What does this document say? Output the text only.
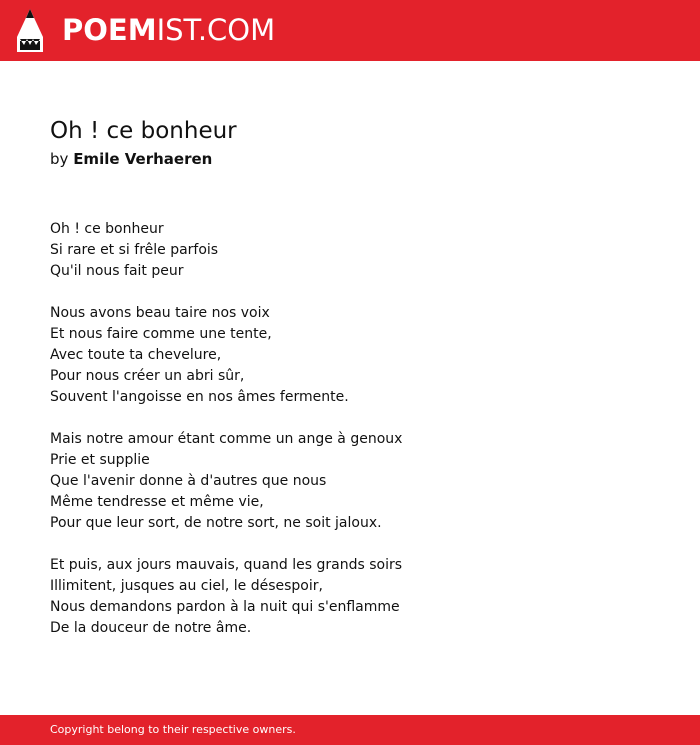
POEMIST.COM
Oh ! ce bonheur
by Emile Verhaeren
Oh ! ce bonheur
Si rare et si frêle parfois
Qu'il nous fait peur
Nous avons beau taire nos voix
Et nous faire comme une tente,
Avec toute ta chevelure,
Pour nous créer un abri sûr,
Souvent l'angoisse en nos âmes fermente.
Mais notre amour étant comme un ange à genoux
Prie et supplie
Que l'avenir donne à d'autres que nous
Même tendresse et même vie,
Pour que leur sort, de notre sort, ne soit jaloux.
Et puis, aux jours mauvais, quand les grands soirs
Illimitent, jusques au ciel, le désespoir,
Nous demandons pardon à la nuit qui s'enflamme
De la douceur de notre âme.
Copyright belong to their respective owners.
